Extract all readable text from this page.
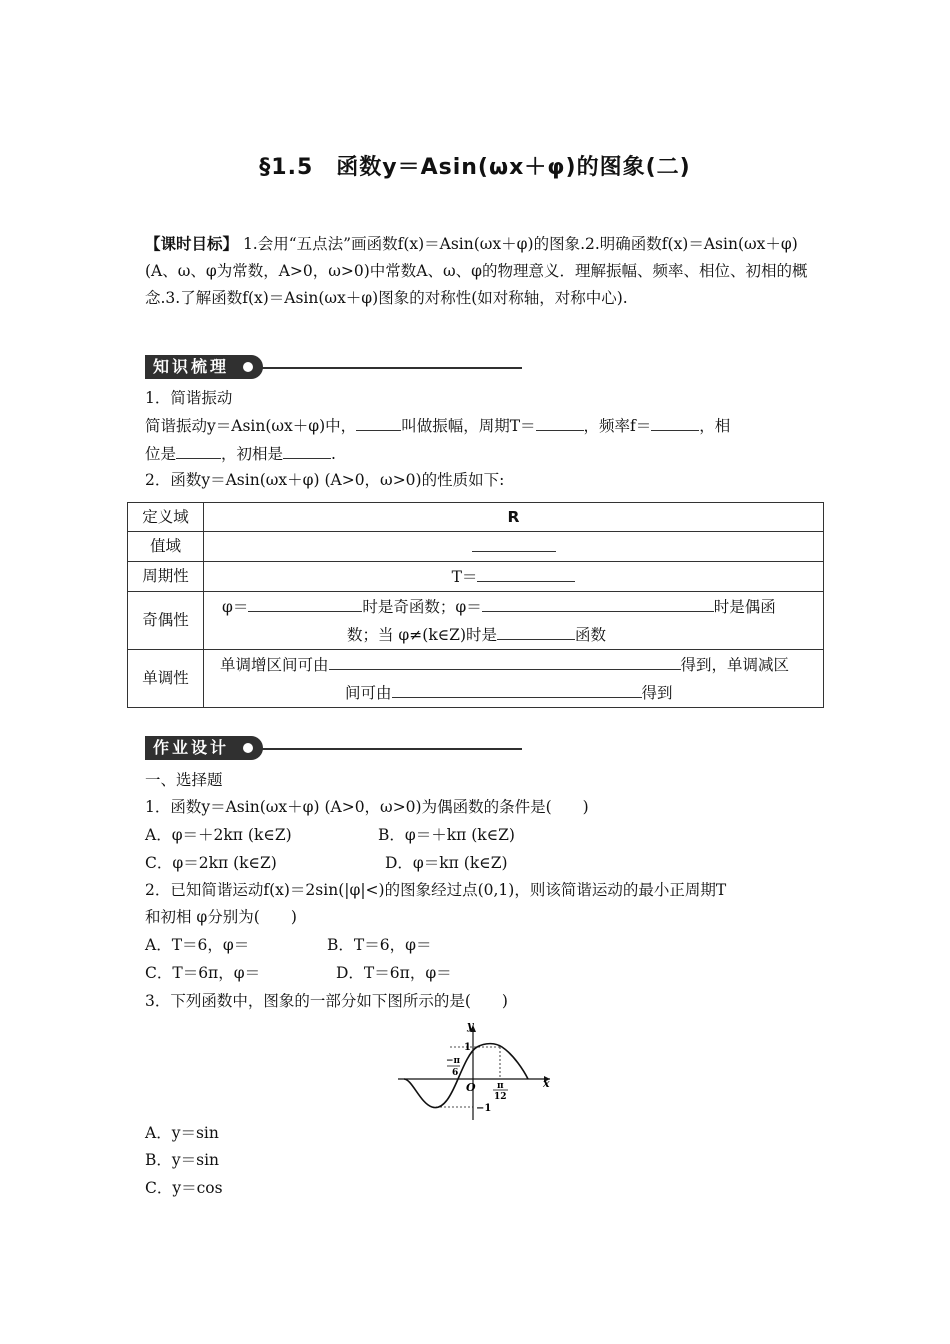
§1.5　函数y＝Asin(ωx＋φ)的图象(二)
【课时目标】 1.会用“五点法”画函数f(x)＝Asin(ωx＋φ)的图象.2.明确函数f(x)＝Asin(ωx＋φ)(A、ω、φ为常数，A>0，ω>0)中常数A、ω、φ的物理意义．理解振幅、频率、相位、初相的概念.3.了解函数f(x)＝Asin(ωx＋φ)图象的对称性(如对称轴，对称中心).
知识梳理
1．简谐振动
简谐振动y＝Asin(ωx＋φ)中，	叫做振幅，周期T＝	，频率f＝	，相
位是	，初相是	.
2．函数y＝Asin(ωx＋φ) (A>0，ω>0)的性质如下:
定义域	R
值域	
周期性	T＝
奇偶性	φ＝ 时是奇函数；φ＝ 时是偶函
数；当 φ≠(k∈Z)时是 函数

单调性	单调增区间可由 得到，单调减区
间可由 得到
作业设计
一、选择题
1．函数y＝Asin(ωx＋φ) (A>0，ω>0)为偶函数的条件是(　　)
A．φ＝＋2kπ (k∈Z)	B．φ＝＋kπ (k∈Z)
C．φ＝2kπ (k∈Z)	D．φ＝kπ (k∈Z)
2．已知简谐运动f(x)＝2sin(|φ|<)的图象经过点(0,1)，则该简谐运动的最小正周期T
和初相 φ分别为(　　)
A．T＝6，φ＝	B．T＝6，φ＝
C．T＝6π，φ＝	D．T＝6π，φ＝
3．下列函数中，图象的一部分如下图所示的是(　　)
y
x
O
1
−1
−π
6
π
12
A．y＝sin
B．y＝sin
C．y＝cos
